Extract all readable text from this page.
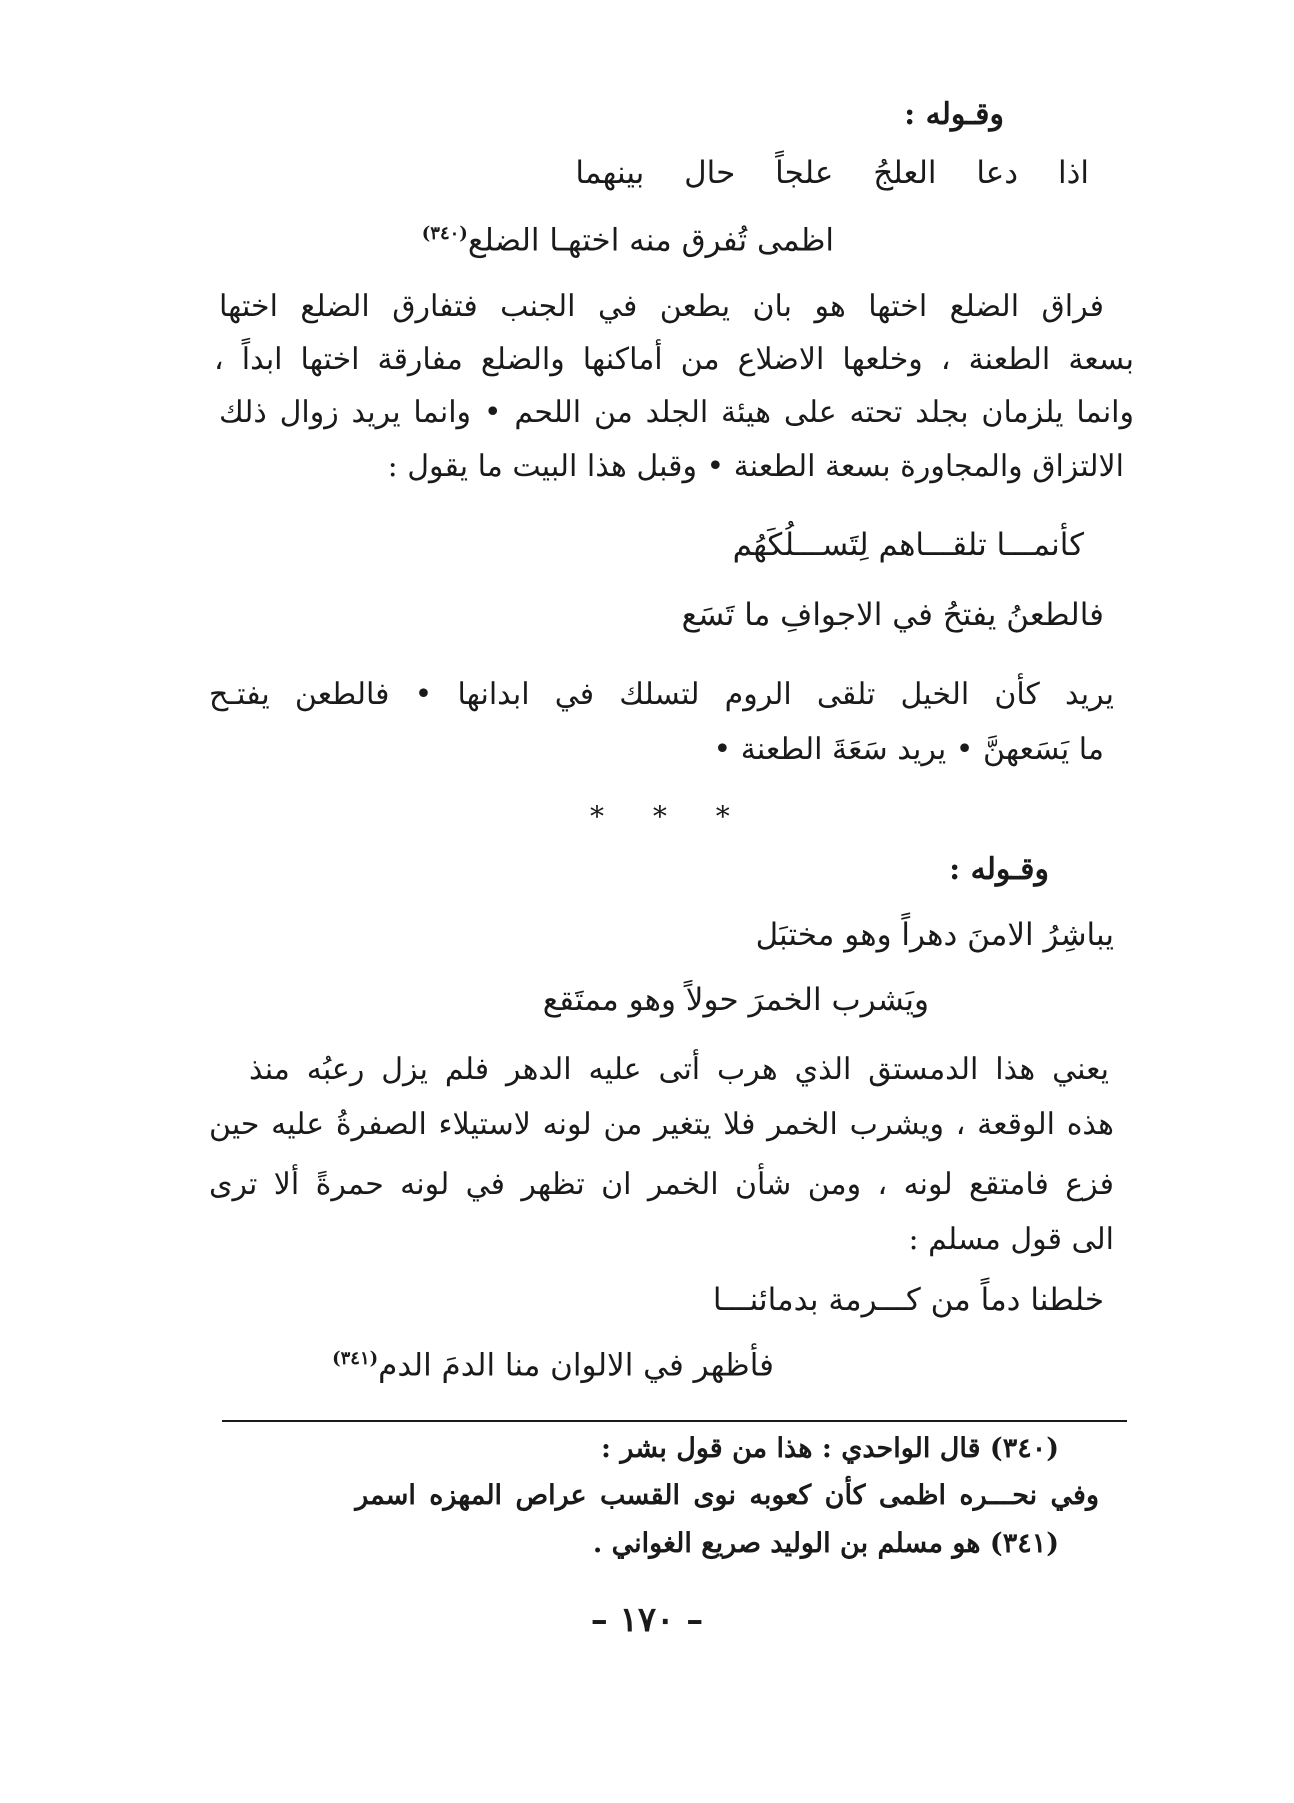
وقـوله :
اذا دعا العلجُ علجاً حال بينهما
اظمى تُفرق منه اختهـا الضلع$^{(٣٤٠)}$
فراق الضلع اختها هو بان يطعن في الجنب فتفارق الضلع اختها
بسعة الطعنة ، وخلعها الاضلاع من أماكنها والضلع مفارقة اختها ابداً ،
وانما يلزمان بجلد تحته على هيئة الجلد من اللحم • وانما يريد زوال ذلك
الالتزاق والمجاورة بسعة الطعنة • وقبل هذا البيت ما يقول :
كأنمـــا تلقـــاهم لِتَســـلُكَهُم
فالطعنُ يفتحُ في الاجوافِ ما تَسَع
يريد كأن الخيل تلقى الروم لتسلك في ابدانها • فالطعن يفتـح
ما يَسَعهنَّ • يريد سَعَةَ الطعنة •
* * *
وقـوله :
يباشِرُ الامنَ دهراً وهو مختبَل
ويَشرب الخمرَ حولاً وهو ممتَقع
يعني هذا الدمستق الذي هرب أتى عليه الدهر فلم يزل رعبُه منذ
هذه الوقعة ، ويشرب الخمر فلا يتغير من لونه لاستيلاء الصفرةُ عليه حين
فزع فامتقع لونه ، ومن شأن الخمر ان تظهر في لونه حمرةً ألا ترى
الى قول مسلم :
خلطنا دماً من كـــرمة بدمائنـــا
فأظهر في الالوان منا الدمَ الدم$^{(٣٤١)}$
(٣٤٠) قال الواحدي : هذا من قول بشر :
وفي نحـــره اظمى كأن كعوبه نوى القسب عراص المهزه اسمر
(٣٤١) هو مسلم بن الوليد صريع الغواني .
– ١٧٠ –
